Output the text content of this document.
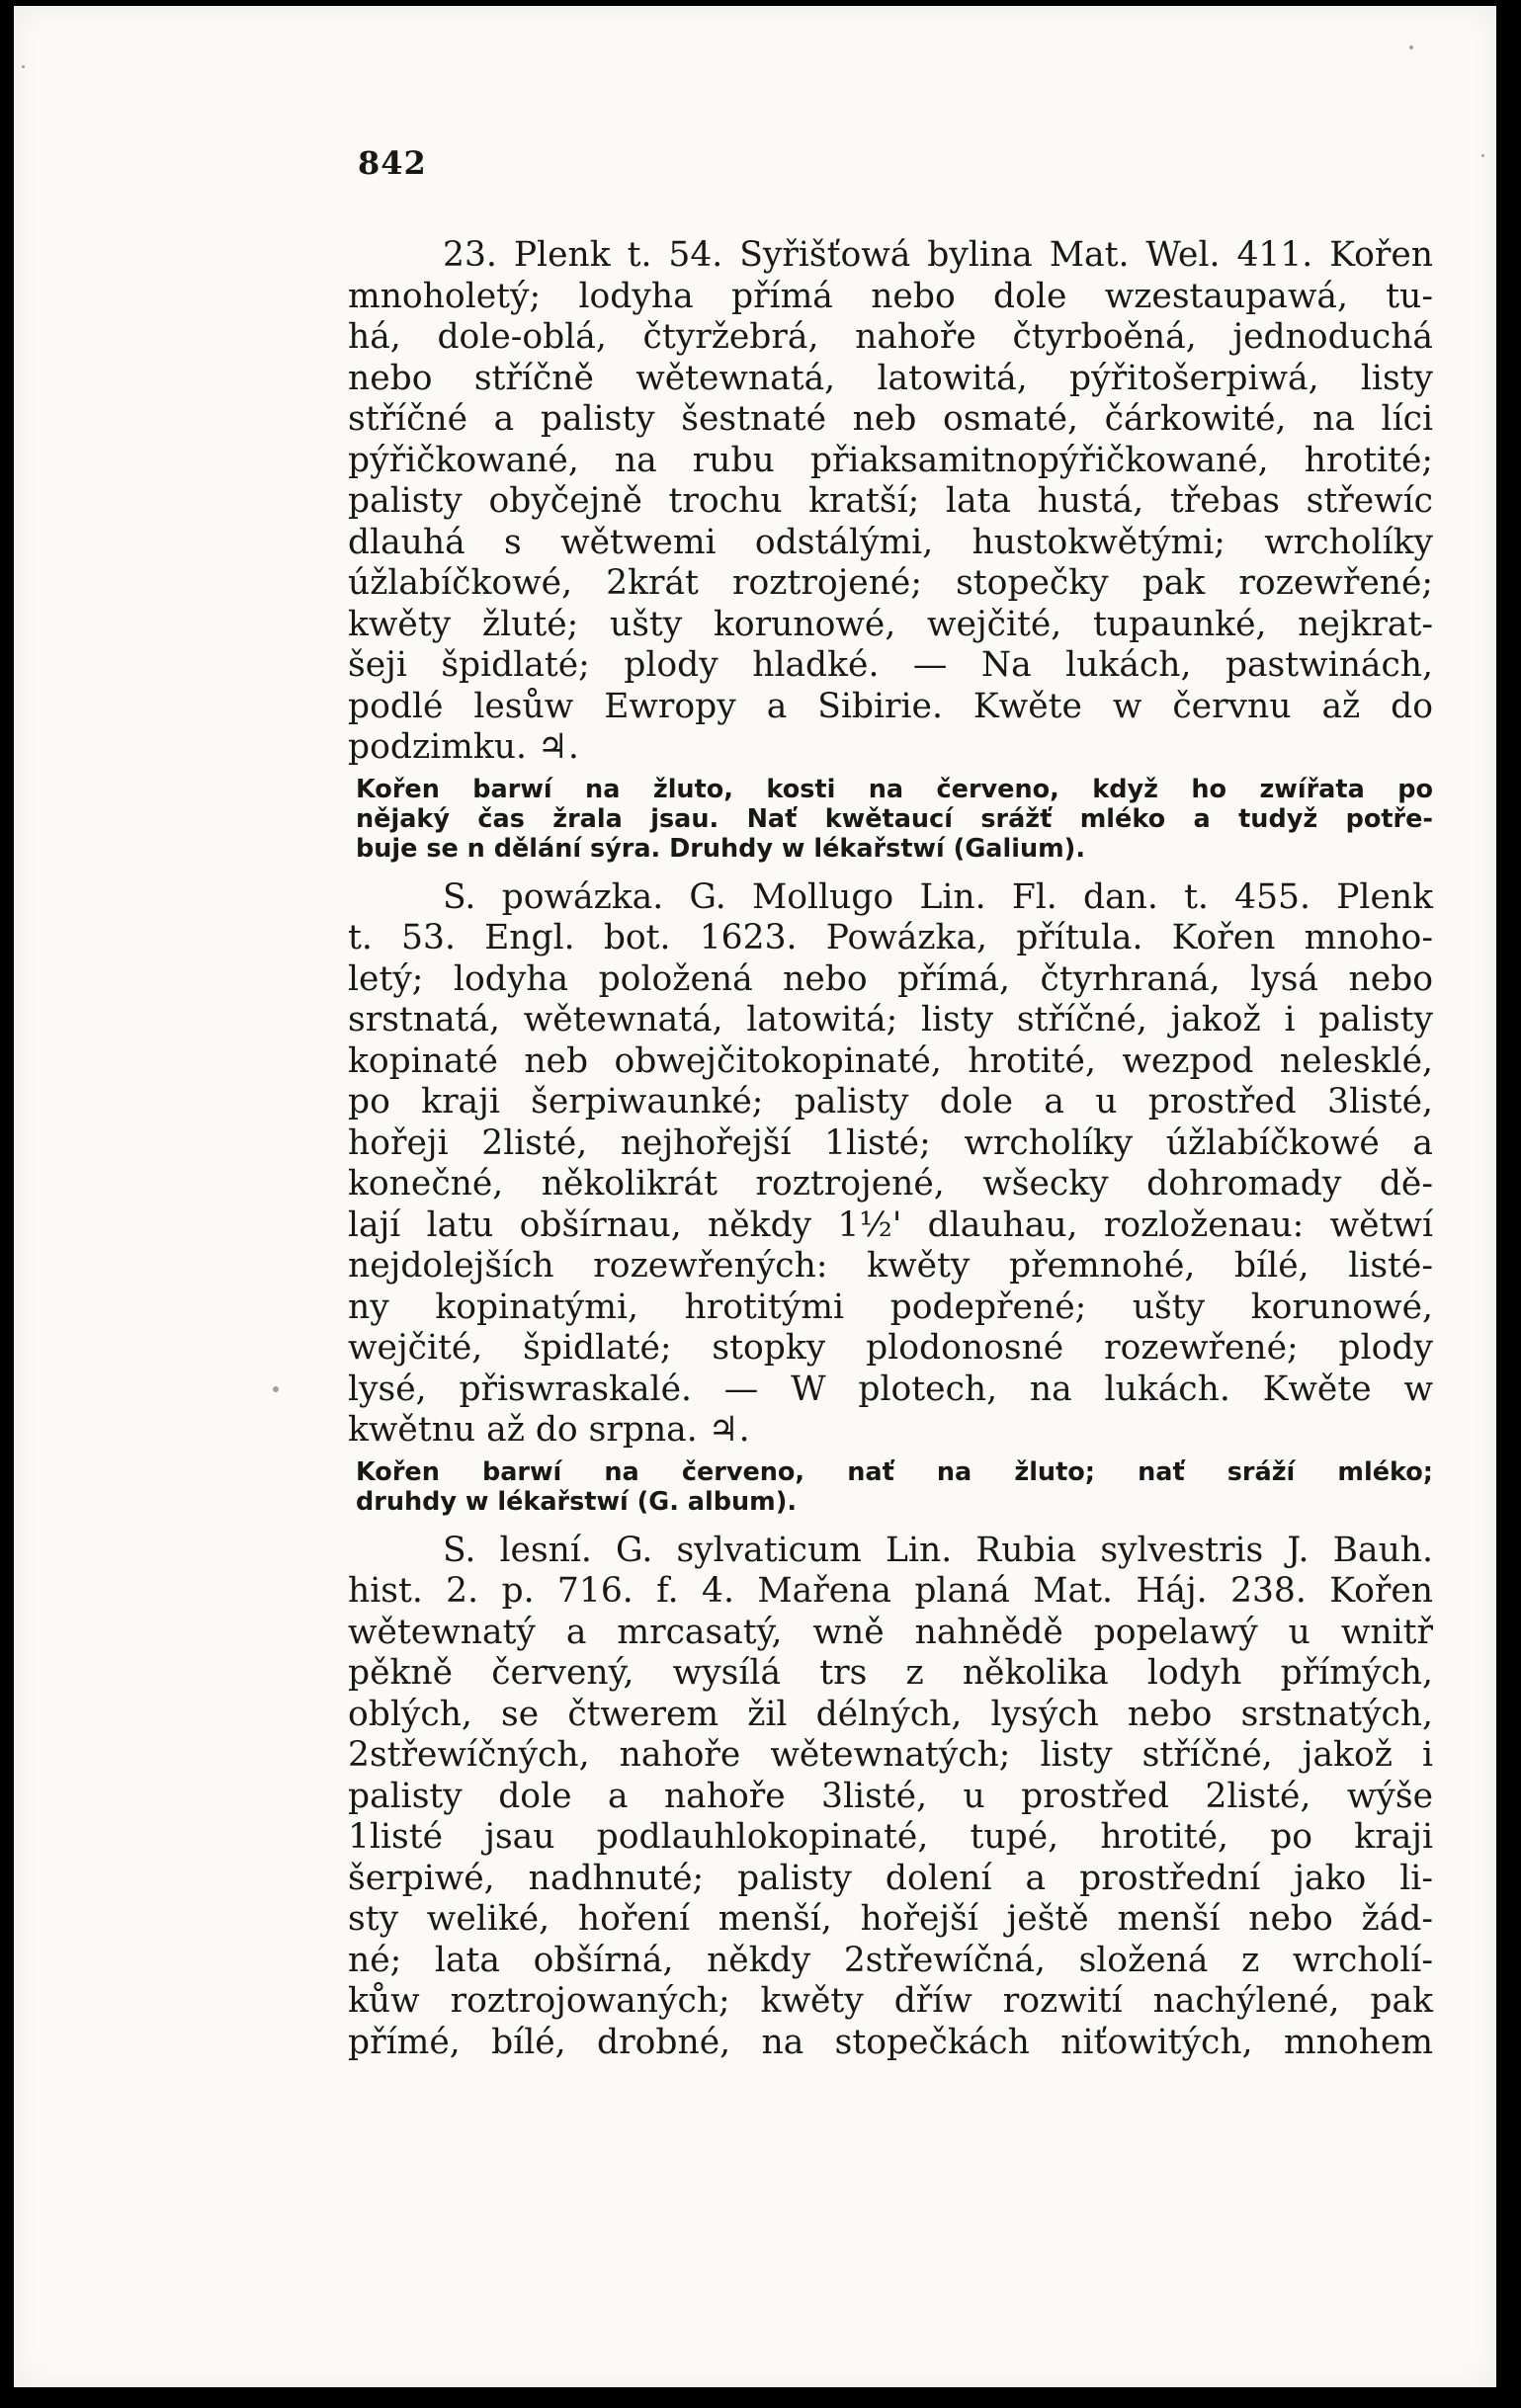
842
23. Plenk t. 54. Syřišťowá bylina Mat. Wel. 411. Kořen
mnoholetý; lodyha přímá nebo dole wzestaupawá, tu-
há, dole-oblá, čtyržebrá, nahoře čtyrboěná, jednoduchá
nebo stříčně wětewnatá, latowitá, pýřitošerpiwá, listy
stříčné a palisty šestnaté neb osmaté, čárkowité, na líci
pýřičkowané, na rubu přiaksamitnopýřičkowané, hrotité;
palisty obyčejně trochu kratší; lata hustá, třebas střewíc
dlauhá s wětwemi odstálými, hustokwětými; wrcholíky
úžlabíčkowé, 2krát roztrojené; stopečky pak rozewřené;
kwěty žluté; ušty korunowé, wejčité, tupaunké, nejkrat-
šeji špidlaté; plody hladké. — Na lukách, pastwinách,
podlé lesůw Ewropy a Sibirie. Kwěte w červnu až do
podzimku. ♃.
Kořen barwí na žluto, kosti na červeno, když ho zwířata po
nějaký čas žrala jsau. Nať kwětaucí srážť mléko a tudyž potře-
buje se n dělání sýra. Druhdy w lékařstwí (Galium).
S. powázka. G. Mollugo Lin. Fl. dan. t. 455. Plenk
t. 53. Engl. bot. 1623. Powázka, přítula. Kořen mnoho-
letý; lodyha položená nebo přímá, čtyrhraná, lysá nebo
srstnatá, wětewnatá, latowitá; listy stříčné, jakož i palisty
kopinaté neb obwejčitokopinaté, hrotité, wezpod nelesklé,
po kraji šerpiwaunké; palisty dole a u prostřed 3listé,
hořeji 2listé, nejhořejší 1listé; wrcholíky úžlabíčkowé a
konečné, několikrát roztrojené, wšecky dohromady dě-
lají latu obšírnau, někdy 1½' dlauhau, rozloženau: wětwí
nejdolejších rozewřených: kwěty přemnohé, bílé, listé-
ny kopinatými, hrotitými podepřené; ušty korunowé,
wejčité, špidlaté; stopky plodonosné rozewřené; plody
lysé, přiswraskalé. — W plotech, na lukách. Kwěte w
kwětnu až do srpna. ♃.
Kořen barwí na červeno, nať na žluto; nať sráží mléko;
druhdy w lékařstwí (G. album).
S. lesní. G. sylvaticum Lin. Rubia sylvestris J. Bauh.
hist. 2. p. 716. f. 4. Mařena planá Mat. Háj. 238. Kořen
wětewnatý a mrcasatý, wně nahnědě popelawý u wnitř
pěkně červený, wysílá trs z několika lodyh přímých,
oblých, se čtwerem žil délných, lysých nebo srstnatých,
2střewíčných, nahoře wětewnatých; listy stříčné, jakož i
palisty dole a nahoře 3listé, u prostřed 2listé, wýše
1listé jsau podlauhlokopinaté, tupé, hrotité, po kraji
šerpiwé, nadhnuté; palisty dolení a prostřední jako li-
sty weliké, hoření menší, hořejší ještě menší nebo žád-
né; lata obšírná, někdy 2střewíčná, složená z wrcholí-
kůw roztrojowaných; kwěty dříw rozwití nachýlené, pak
přímé, bílé, drobné, na stopečkách niťowitých, mnohem
